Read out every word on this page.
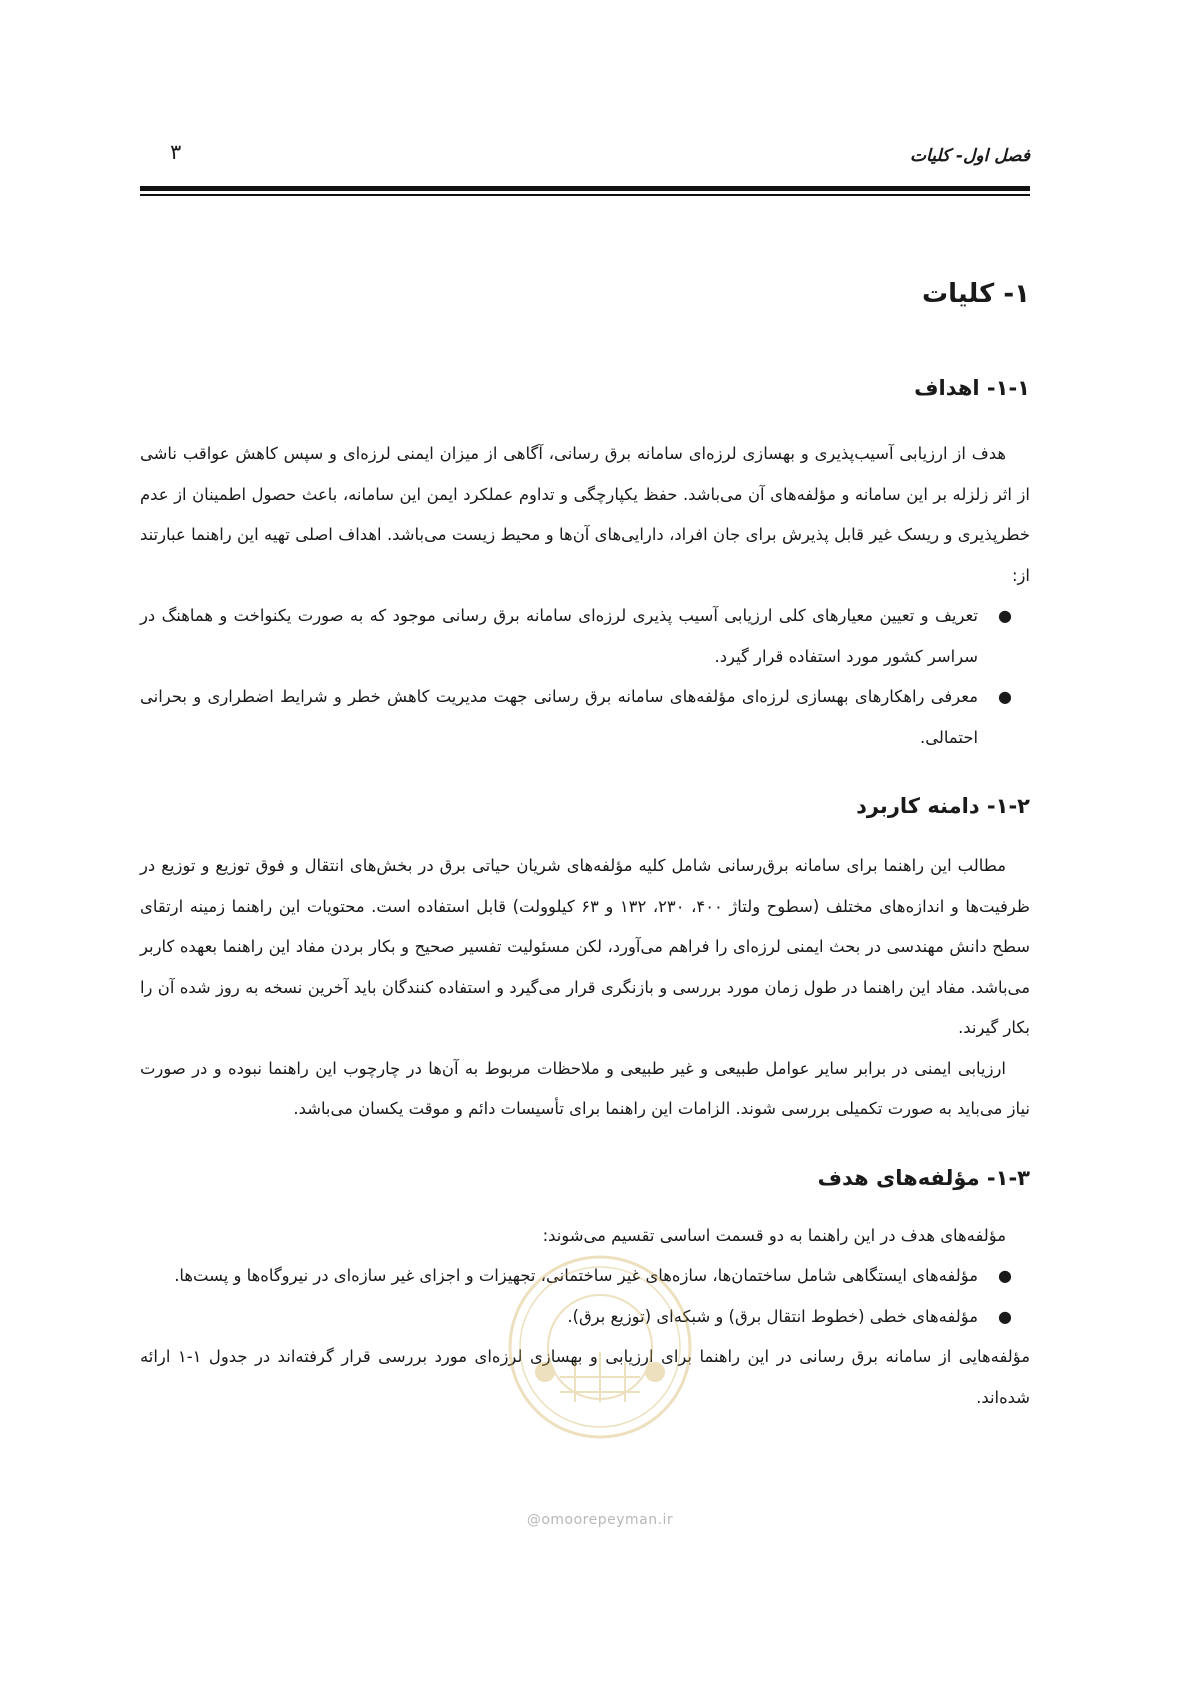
۳	فصل اول- کلیات
۱- کلیات
۱-۱- اهداف

هدف از ارزیابی آسیب‌پذیری و بهسازی لرزه‌ای سامانه برق رسانی، آگاهی از میزان ایمنی لرزه‌ای و سپس کاهش عواقب ناشی از اثر زلزله بر این سامانه و مؤلفه‌های آن می‌باشد. حفظ یکپارچگی و تداوم عملکرد ایمن این سامانه، باعث حصول اطمینان از عدم خطرپذیری و ریسک غیر قابل پذیرش برای جان افراد، دارایی‌های آن‌ها و محیط زیست می‌باشد. اهداف اصلی تهیه این راهنما عبارتند از:

●
تعریف و تعیین معیارهای کلی ارزیابی آسیب پذیری لرزه‌ای سامانه برق رسانی موجود که به صورت یکنواخت و هماهنگ در سراسر کشور مورد استفاده قرار گیرد.
●
معرفی راهکارهای بهسازی لرزه‌ای مؤلفه‌های سامانه برق رسانی جهت مدیریت کاهش خطر و شرایط اضطراری و بحرانی احتمالی.
۱-۲- دامنه کاربرد

مطالب این راهنما برای سامانه برق‌رسانی شامل کلیه مؤلفه‌های شریان حیاتی برق در بخش‌های انتقال و فوق توزیع و توزیع در ظرفیت‌ها و اندازه‌های مختلف (سطوح ولتاژ ۴۰۰، ۲۳۰، ۱۳۲ و ۶۳ کیلوولت) قابل استفاده است. محتویات این راهنما زمینه ارتقای سطح دانش مهندسی در بحث ایمنی لرزه‌ای را فراهم می‌آورد، لکن مسئولیت تفسیر صحیح و بکار بردن مفاد این راهنما بعهده کاربر می‌باشد. مفاد این راهنما در طول زمان مورد بررسی و بازنگری قرار می‌گیرد و استفاده کنندگان باید آخرین نسخه به روز شده آن را بکار گیرند.

ارزیابی ایمنی در برابر سایر عوامل طبیعی و غیر طبیعی و ملاحظات مربوط به آن‌ها در چارچوب این راهنما نبوده و در صورت نیاز می‌باید به صورت تکمیلی بررسی شوند. الزامات این راهنما برای تأسیسات دائم و موقت یکسان می‌باشد.

۱-۳- مؤلفه‌های هدف

مؤلفه‌های هدف در این راهنما به دو قسمت اساسی تقسیم می‌شوند:

●
مؤلفه‌های ایستگاهی شامل ساختمان‌ها، سازه‌های غیر ساختمانی، تجهیزات و اجزای غیر سازه‌ای در نیروگاه‌ها و پست‌ها.
●
مؤلفه‌های خطی (خطوط انتقال برق) و شبکه‌ای (توزیع برق).

مؤلفه‌هایی از سامانه برق رسانی در این راهنما برای ارزیابی و بهسازی لرزه‌ای مورد بررسی قرار گرفته‌اند در جدول ۱-۱ ارائه شده‌اند.

@omoorepeyman.ir
